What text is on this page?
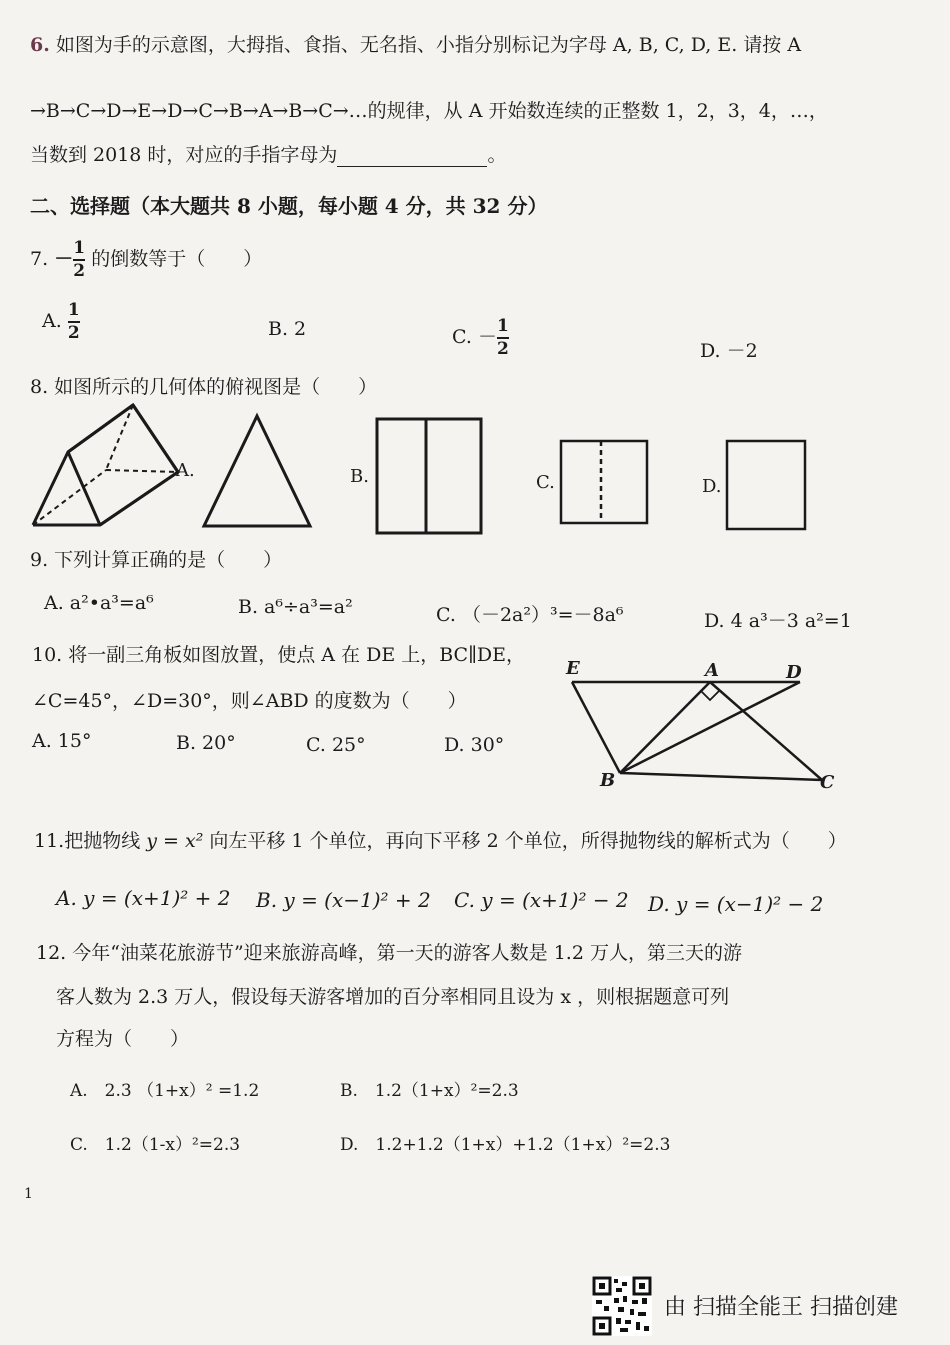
6. 如图为手的示意图，大拇指、食指、无名指、小指分别标记为字母 A, B, C, D, E. 请按 A
→B→C→D→E→D→C→B→A→B→C→…的规律，从 A 开始数连续的正整数 1，2，3，4，…，
当数到 2018 时，对应的手指字母为	。
二、选择题（本大题共 8 小题，每小题 4 分，共 32 分）
7. － $\frac{1}{2}$ 的倒数等于（　　）
A. $\frac{1}{2}$	B. 2	C. － $\frac{1}{2}$	D. －2
8. 如图所示的几何体的俯视图是（　　）
A.	B.	C.	D.
9. 下列计算正确的是（　　）
A. a²•a³=a⁶	B. a⁶÷a³=a²	C. （－2a²）³=－8a⁶	D. 4 a³－3 a²=1
10. 将一副三角板如图放置，使点 A 在 DE 上，BC∥DE，
∠C=45°，∠D=30°，则∠ABD 的度数为（　　）
A. 15°	B. 20°	C. 25°	D. 30°
E	A	D
B	C
11.把抛物线 y = x² 向左平移 1 个单位，再向下平移 2 个单位，所得抛物线的解析式为（　　）
A. y = (x+1)² + 2 B. y = (x−1)² + 2 C. y = (x+1)² − 2 D. y = (x−1)² − 2
12. 今年“油菜花旅游节”迎来旅游高峰，第一天的游客人数是 1.2 万人，第三天的游
客人数为 2.3 万人，假设每天游客增加的百分率相同且设为 x ，则根据题意可列
方程为（　　）
A.　2.3 （1+x）² =1.2	B.　1.2（1+x）²=2.3
C.　1.2（1-x）²=2.3	D.　1.2+1.2（1+x）+1.2（1+x）²=2.3
1
由 扫描全能王 扫描创建
